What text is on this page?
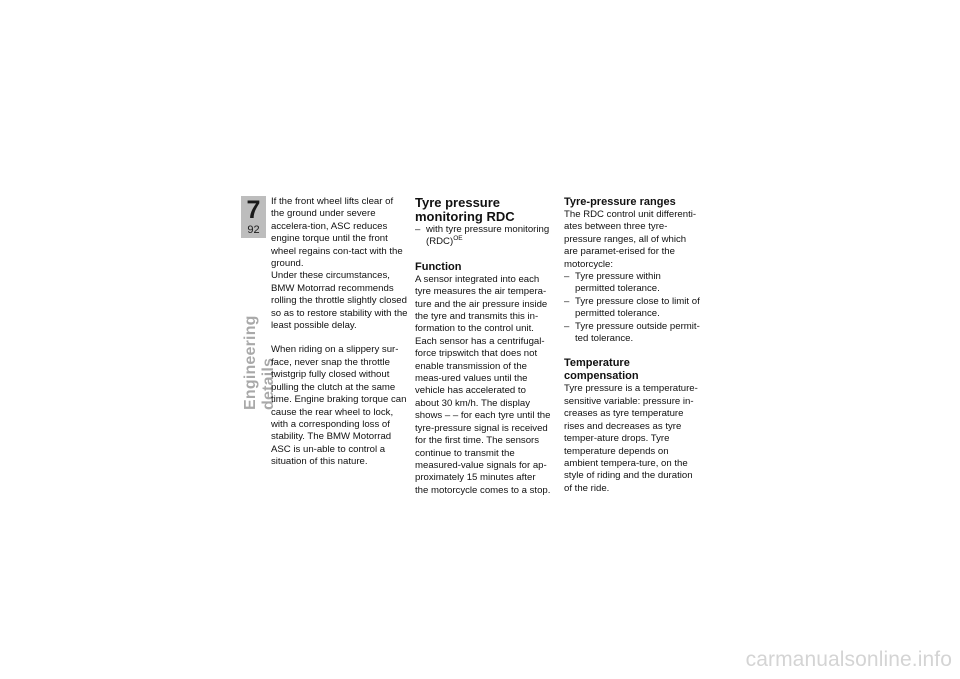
7
92
Engineering details

If the front wheel lifts clear of the ground under severe accelera-tion, ASC reduces engine torque until the front wheel regains con-tact with the ground.

Under these circumstances, BMW Motorrad recommends rolling the throttle slightly closed so as to restore stability with the least possible delay.

When riding on a slippery sur-face, never snap the throttle twistgrip fully closed without pulling the clutch at the same time. Engine braking torque can cause the rear wheel to lock, with a corresponding loss of stability. The BMW Motorrad ASC is un-able to control a situation of this nature.

Tyre pressure monitoring RDC
– with tyre pressure monitoring (RDC)$^{OE}$
Function

A sensor integrated into each tyre measures the air tempera-ture and the air pressure inside the tyre and transmits this in-formation to the control unit.

Each sensor has a centrifugal-force tripswitch that does not enable transmission of the meas-ured values until the vehicle has accelerated to about 30 km/h. The display shows – – for each tyre until the tyre-pressure signal is received for the first time. The sensors continue to transmit the measured-value signals for ap-proximately 15 minutes after the motorcycle comes to a stop.

Tyre-pressure ranges

The RDC control unit differenti-ates between three tyre-pressure ranges, all of which are paramet-erised for the motorcycle:

– Tyre pressure within permitted tolerance.
– Tyre pressure close to limit of permitted tolerance.
– Tyre pressure outside permit-ted tolerance.
Temperature compensation

Tyre pressure is a temperature-sensitive variable: pressure in-creases as tyre temperature rises and decreases as tyre temper-ature drops. Tyre temperature depends on ambient tempera-ture, on the style of riding and the duration of the ride.

carmanualsonline.info
